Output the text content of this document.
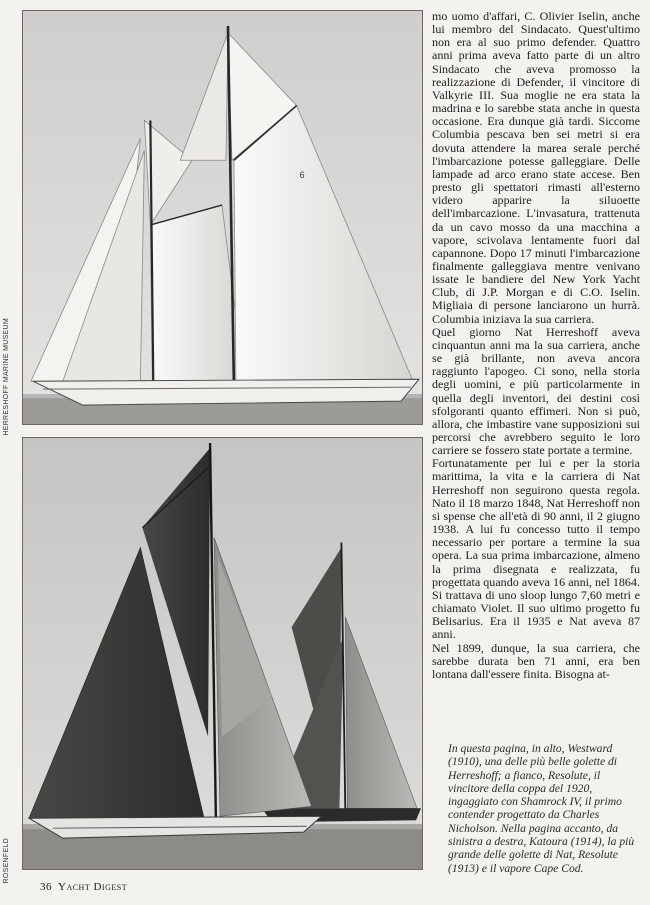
6
HERRESHOFF MARINE MUSEUM
ROSENFELD

mo uomo d'affari, C. Olivier Iselin, anche lui membro del Sindacato. Quest'ultimo non era al suo primo defender. Quattro anni prima aveva fatto parte di un altro Sindacato che aveva promosso la realizzazione di Defender, il vincitore di Valkyrie III. Sua moglie ne era stata la madrina e lo sarebbe stata anche in questa occasione. Era dunque già tardi. Siccome Columbia pescava ben sei metri si era dovuta attendere la marea serale perché l'imbarcazione potesse galleggiare. Delle lampade ad arco erano state accese. Ben presto gli spettatori rimasti all'esterno videro apparire la siluoette dell'imbarcazione. L'invasatura, trattenuta da un cavo mosso da una macchina a vapore, scivolava lentamente fuori dal capannone. Dopo 17 minuti l'imbarcazione finalmente galleggiava mentre venivano issate le bandiere del New York Yacht Club, di J.P. Morgan e di C.O. Iselin. Migliaia di persone lanciarono un hurrà. Columbia iniziava la sua carriera.

Quel giorno Nat Herreshoff aveva cinquantun anni ma la sua carriera, anche se già brillante, non aveva ancora raggiunto l'apogeo. Ci sono, nella storia degli uomini, e più particolarmente in quella degli inventori, dei destini così sfolgoranti quanto effimeri. Non si può, allora, che imbastire vane supposizioni sui percorsi che avrebbero seguito le loro carriere se fossero state portate a termine.

Fortunatamente per lui e per la storia marittima, la vita e la carriera di Nat Herreshoff non seguirono questa regola. Nato il 18 marzo 1848, Nat Herreshoff non si spense che all'età di 90 anni, il 2 giugno 1938. A lui fu concesso tutto il tempo necessario per portare a termine la sua opera. La sua prima imbarcazione, almeno la prima disegnata e realizzata, fu progettata quando aveva 16 anni, nel 1864. Si trattava di uno sloop lungo 7,60 metri e chiamato Violet. Il suo ultimo progetto fu Belisarius. Era il 1935 e Nat aveva 87 anni.

Nel 1899, dunque, la sua carriera, che sarebbe durata ben 71 anni, era ben lontana dall'essere finita. Bisogna at-

In questa pagina, in alto, Westward (1910), una delle più belle golette di Herreshoff; a fianco, Resolute, il vincitore della coppa del 1920, ingaggiato con Shamrock IV, il primo contender progettato da Charles Nicholson. Nella pagina accanto, da sinistra a destra, Katoura (1914), la più grande delle golette di Nat, Resolute (1913) e il vapore Cape Cod.
36 Yacht Digest
